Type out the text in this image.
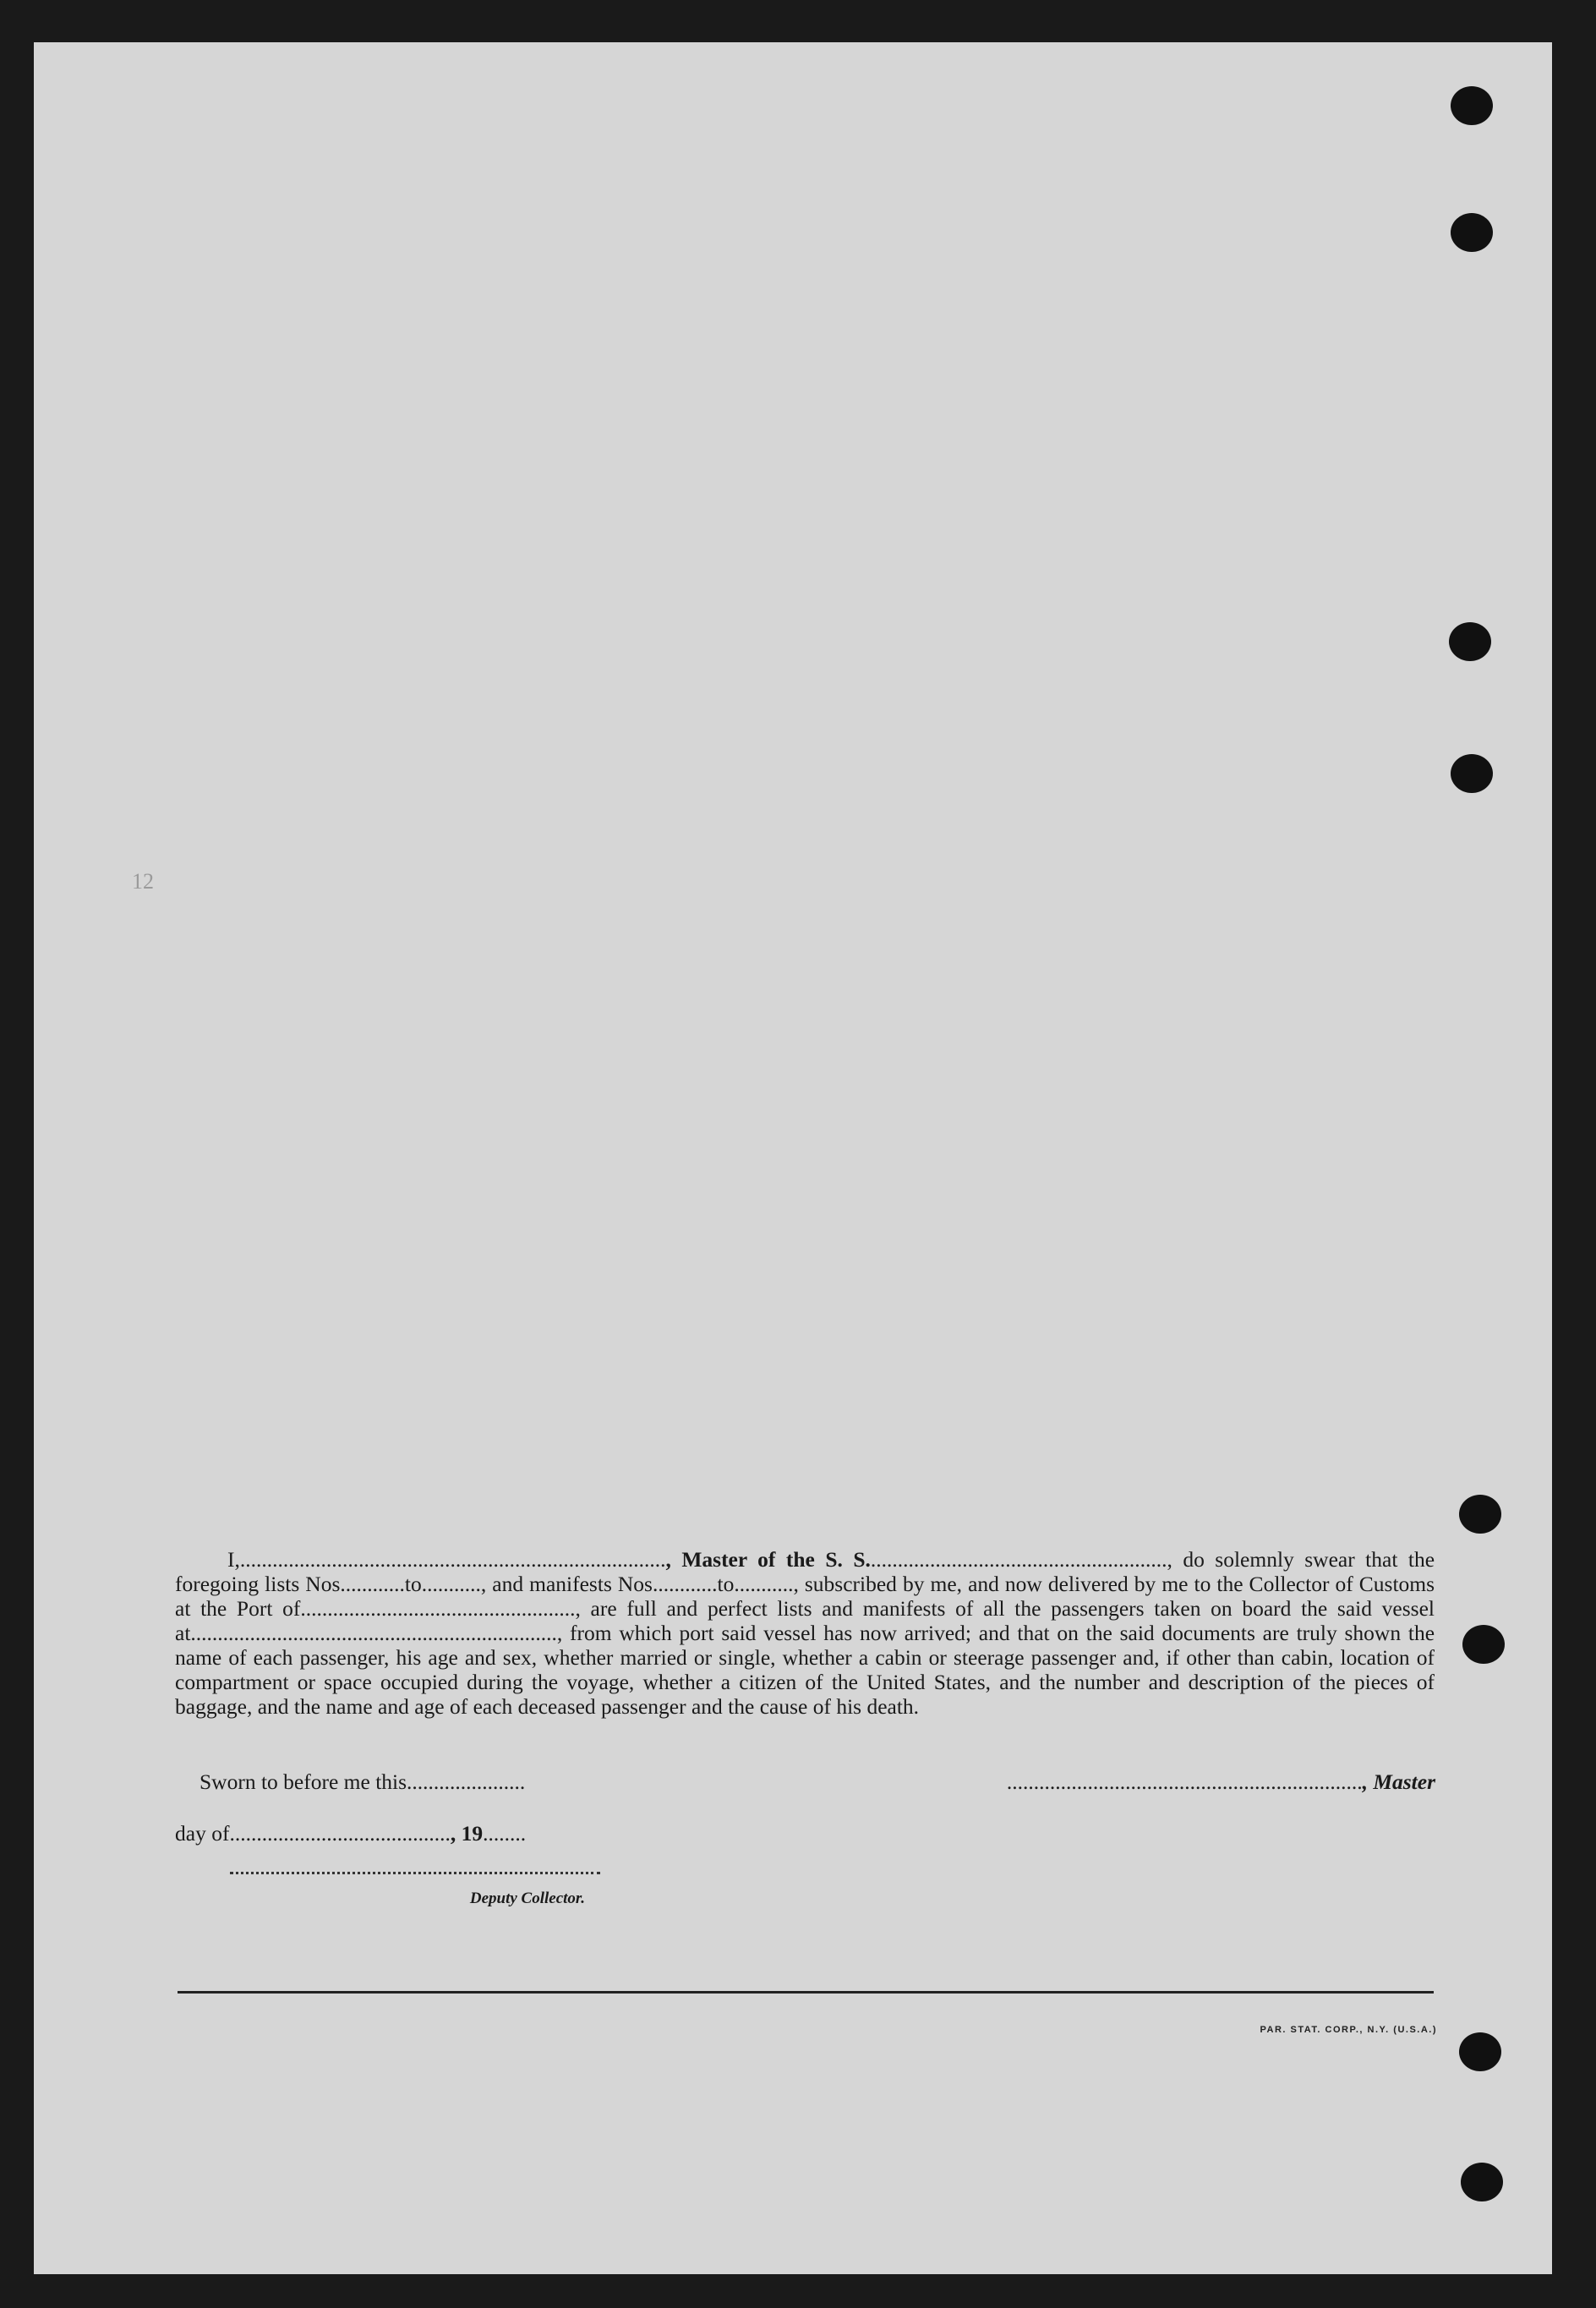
12
I,..............................................................................., Master of the S. S........................................................, do solemnly swear that the foregoing lists Nos............to..........., and manifests Nos............to..........., subscribed by me, and now delivered by me to the Collector of Customs at the Port of..................................................., are full and perfect lists and manifests of all the passengers taken on board the said vessel at...................................................................., from which port said vessel has now arrived; and that on the said documents are truly shown the name of each passenger, his age and sex, whether married or single, whether a cabin or steerage passenger and, if other than cabin, location of compartment or space occupied during the voyage, whether a citizen of the United States, and the number and description of the pieces of baggage, and the name and age of each deceased passenger and the cause of his death.
Sworn to before me this......................	.................................................................., Master
day of........................................., 19........
Deputy Collector.
PAR. STAT. CORP., N.Y. (U.S.A.)
